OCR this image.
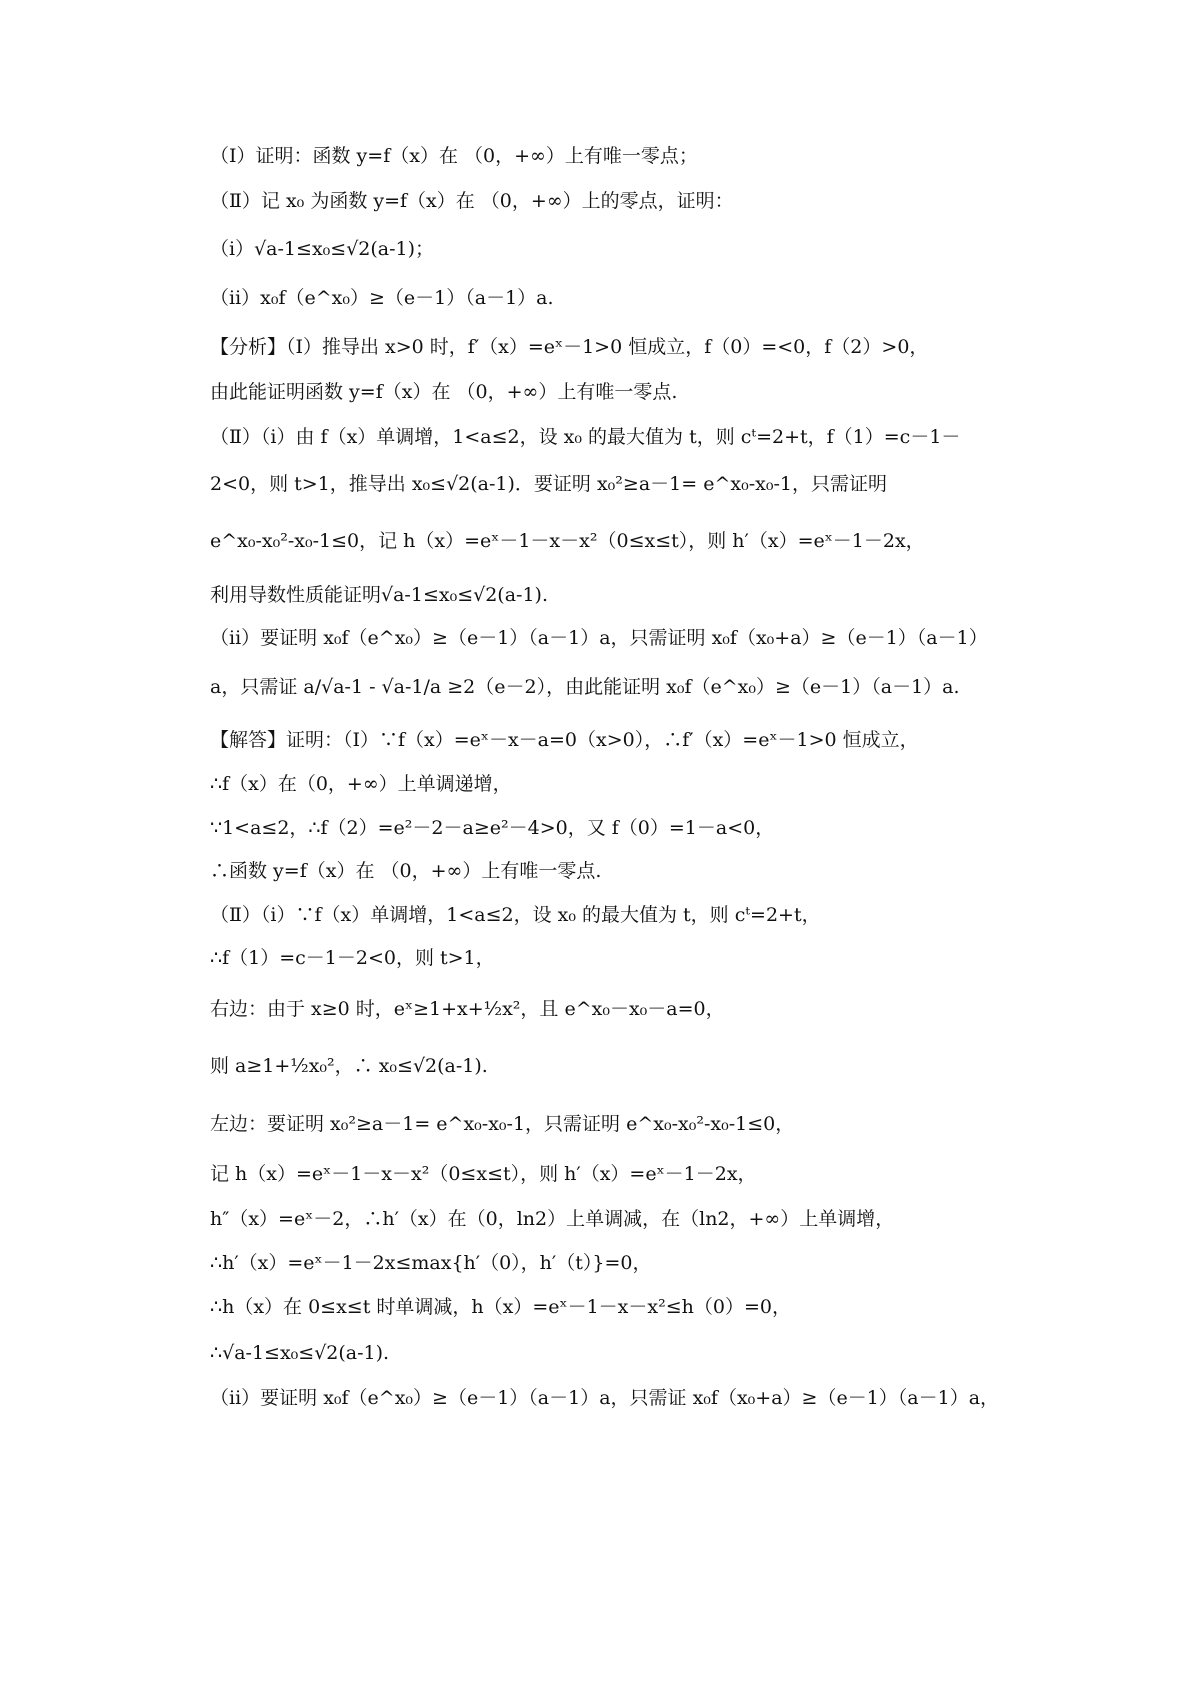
（Ⅰ）证明：函数 y=f（x）在 （0，+∞）上有唯一零点；
（Ⅱ）记 x₀ 为函数 y=f（x）在 （0，+∞）上的零点，证明：
（ⅰ）√a-1≤x₀≤√2(a-1)；
（ⅱ）x₀f（e^x₀）≥（e－1）（a－1）a.
【分析】（Ⅰ）推导出 x>0 时，f′（x）=eˣ－1>0 恒成立，f（0）=<0，f（2）>0，
由此能证明函数 y=f（x）在 （0，+∞）上有唯一零点.
（Ⅱ）（i）由 f（x）单调增，1<a≤2，设 x₀ 的最大值为 t，则 cᵗ=2+t，f（1）=c－1－
2<0，则 t>1，推导出 x₀≤√2(a-1)．要证明 x₀²≥a－1= e^x₀-x₀-1，只需证明
e^x₀-x₀²-x₀-1≤0，记 h（x）=eˣ－1－x－x²（0≤x≤t），则 h′（x）=eˣ－1－2x，
利用导数性质能证明√a-1≤x₀≤√2(a-1).
（ii）要证明 x₀f（e^x₀）≥（e－1）（a－1）a，只需证明 x₀f（x₀+a）≥（e－1）（a－1）
a，只需证 a/√a-1 - √a-1/a ≥2（e－2），由此能证明 x₀f（e^x₀）≥（e－1）（a－1）a.
【解答】证明：（Ⅰ）∵f（x）=eˣ－x－a=0（x>0），∴f′（x）=eˣ－1>0 恒成立，
∴f（x）在（0，+∞）上单调递增，
∵1<a≤2，∴f（2）=e²－2－a≥e²－4>0，又 f（0）=1－a<0，
∴函数 y=f（x）在 （0，+∞）上有唯一零点.
（Ⅱ）（i）∵f（x）单调增，1<a≤2，设 x₀ 的最大值为 t，则 cᵗ=2+t，
∴f（1）=c－1－2<0，则 t>1，
右边：由于 x≥0 时，eˣ≥1+x+½x²，且 e^x₀－x₀－a=0，
则 a≥1+½x₀²，∴ x₀≤√2(a-1).
左边：要证明 x₀²≥a－1= e^x₀-x₀-1，只需证明 e^x₀-x₀²-x₀-1≤0，
记 h（x）=eˣ－1－x－x²（0≤x≤t），则 h′（x）=eˣ－1－2x，
h″（x）=eˣ－2，∴h′（x）在（0，ln2）上单调减，在（ln2，+∞）上单调增，
∴h′（x）=eˣ－1－2x≤max{h′（0），h′（t）}=0，
∴h（x）在 0≤x≤t 时单调减，h（x）=eˣ－1－x－x²≤h（0）=0，
∴√a-1≤x₀≤√2(a-1).
（ii）要证明 x₀f（e^x₀）≥（e－1）（a－1）a，只需证 x₀f（x₀+a）≥（e－1）（a－1）a，
